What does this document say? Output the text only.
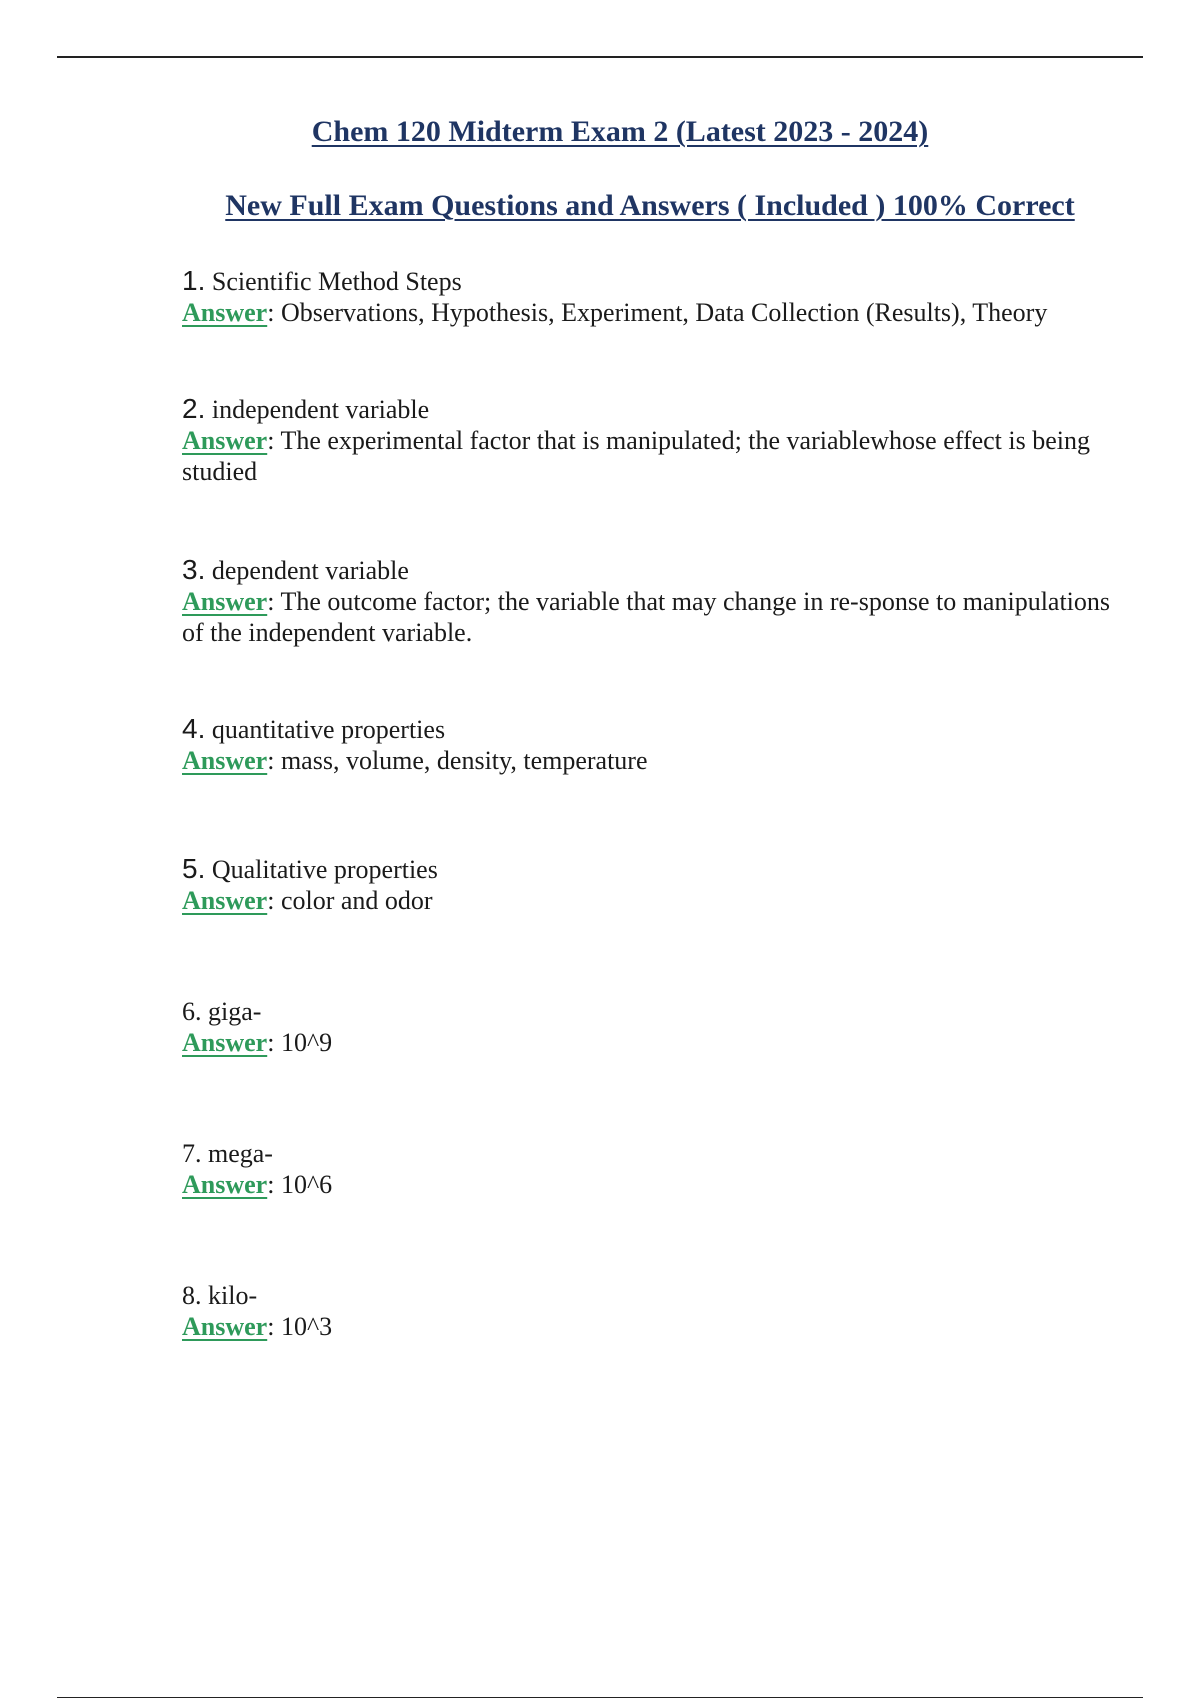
Chem 120 Midterm Exam 2 (Latest 2023 - 2024)
New Full Exam Questions and Answers ( Included ) 100% Correct
1. Scientific Method Steps
Answer: Observations, Hypothesis, Experiment, Data Collection (Results), Theory
2. independent variable
Answer: The experimental factor that is manipulated; the variablewhose effect is being studied
3. dependent variable
Answer: The outcome factor; the variable that may change in re-sponse to manipulations of the independent variable.
4. quantitative properties
Answer: mass, volume, density, temperature
5. Qualitative properties
Answer: color and odor
6. giga-
Answer: 10^9
7. mega-
Answer: 10^6
8. kilo-
Answer: 10^3
